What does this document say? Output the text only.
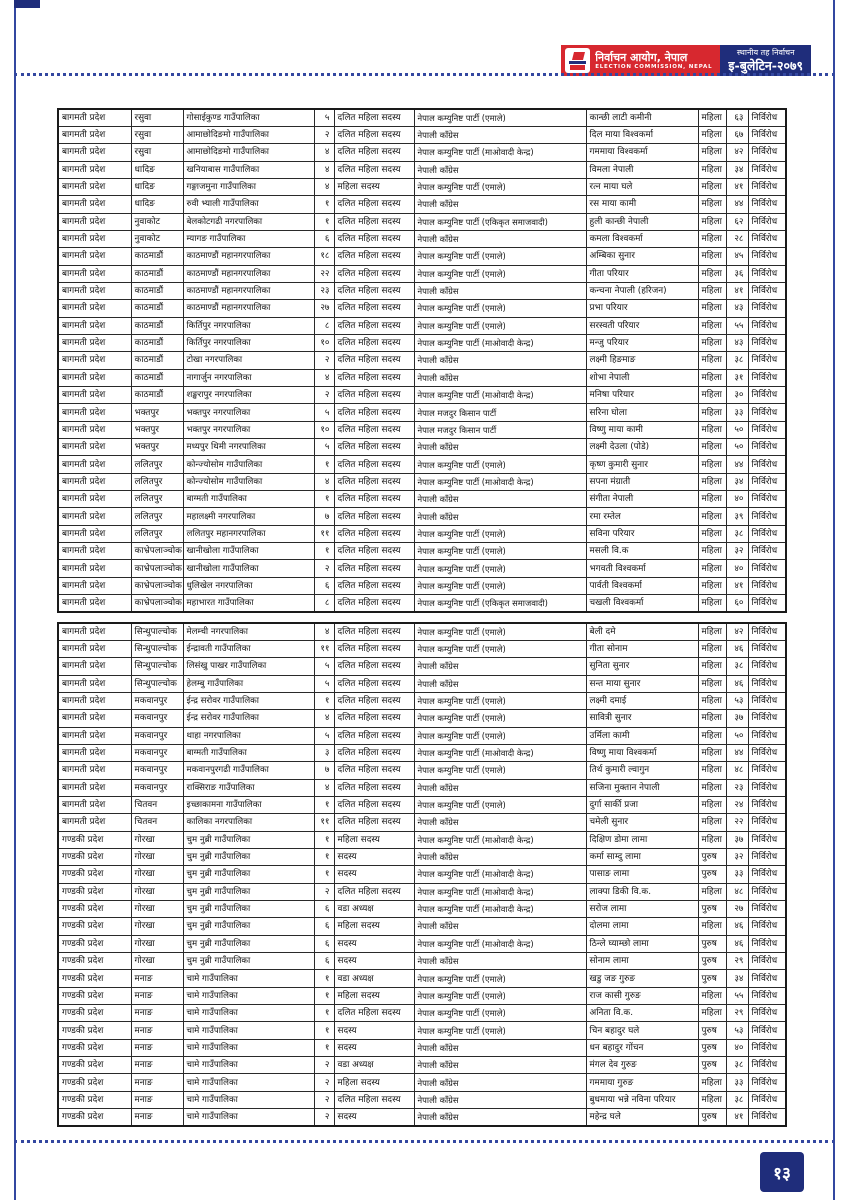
निर्वाचन आयोग, नेपाल
ELECTION COMMISSION, NEPAL
स्थानीय तह निर्वाचन
इ-बुलेटिन-२०७९
बागमती प्रदेश	रसुवा	गोसाईकुण्ड गाउँपालिका	५	दलित महिला सदस्य	नेपाल कम्युनिष्ट पार्टी (एमाले)	कान्छी लाटी कमीनी	महिला	६३	निर्विरोध
बागमती प्रदेश	रसुवा	आमाछोदिङमो गाउँपालिका	२	दलित महिला सदस्य	नेपाली काँग्रेस	दिल माया विश्वकर्मा	महिला	६७	निर्विरोध
बागमती प्रदेश	रसुवा	आमाछोदिङमो गाउँपालिका	४	दलित महिला सदस्य	नेपाल कम्युनिष्ट पार्टी (माओवादी केन्द्र)	गममाया विश्वकर्मा	महिला	४२	निर्विरोध
बागमती प्रदेश	धादिङ	खनियाबास गाउँपालिका	४	दलित महिला सदस्य	नेपाली काँग्रेस	विमला नेपाली	महिला	३४	निर्विरोध
बागमती प्रदेश	धादिङ	गङ्गाजमुना गाउँपालिका	४	महिला सदस्य	नेपाल कम्युनिष्ट पार्टी (एमाले)	रत्न माया घले	महिला	४१	निर्विरोध
बागमती प्रदेश	धादिङ	रुवी भ्याली गाउँपालिका	१	दलित महिला सदस्य	नेपाली काँग्रेस	रस माया कामी	महिला	४४	निर्विरोध
बागमती प्रदेश	नुवाकोट	बेलकोटगढी नगरपालिका	१	दलित महिला सदस्य	नेपाल कम्युनिष्ट पार्टी (एकिकृत समाजवादी)	हुली कान्छी नेपाली	महिला	६२	निर्विरोध
बागमती प्रदेश	नुवाकोट	म्यागङ गाउँपालिका	६	दलित महिला सदस्य	नेपाली काँग्रेस	कमला विश्वकर्मा	महिला	२८	निर्विरोध
बागमती प्रदेश	काठमाडौं	काठमाण्डौं महानगरपालिका	१८	दलित महिला सदस्य	नेपाल कम्युनिष्ट पार्टी (एमाले)	अम्बिका सुनार	महिला	४५	निर्विरोध
बागमती प्रदेश	काठमाडौं	काठमाण्डौं महानगरपालिका	२२	दलित महिला सदस्य	नेपाल कम्युनिष्ट पार्टी (एमाले)	गीता परियार	महिला	३६	निर्विरोध
बागमती प्रदेश	काठमाडौं	काठमाण्डौं महानगरपालिका	२३	दलित महिला सदस्य	नेपाली काँग्रेस	कन्चना नेपाली (हरिजन)	महिला	४१	निर्विरोध
बागमती प्रदेश	काठमाडौं	काठमाण्डौं महानगरपालिका	२७	दलित महिला सदस्य	नेपाल कम्युनिष्ट पार्टी (एमाले)	प्रभा परियार	महिला	४३	निर्विरोध
बागमती प्रदेश	काठमाडौं	किर्तिपुर नगरपालिका	८	दलित महिला सदस्य	नेपाल कम्युनिष्ट पार्टी (एमाले)	सरस्वती परियार	महिला	५५	निर्विरोध
बागमती प्रदेश	काठमाडौं	किर्तिपुर नगरपालिका	१०	दलित महिला सदस्य	नेपाल कम्युनिष्ट पार्टी (माओवादी केन्द्र)	मन्जु परियार	महिला	४३	निर्विरोध
बागमती प्रदेश	काठमाडौं	टोखा नगरपालिका	२	दलित महिला सदस्य	नेपाली काँग्रेस	लक्ष्मी हिङमाङ	महिला	३८	निर्विरोध
बागमती प्रदेश	काठमाडौं	नागार्जुन नगरपालिका	४	दलित महिला सदस्य	नेपाली काँग्रेस	शोभा नेपाली	महिला	३१	निर्विरोध
बागमती प्रदेश	काठमाडौं	शङ्खरापुर नगरपालिका	२	दलित महिला सदस्य	नेपाल कम्युनिष्ट पार्टी (माओवादी केन्द्र)	मनिषा परियार	महिला	३०	निर्विरोध
बागमती प्रदेश	भक्तपुर	भक्तपुर नगरपालिका	५	दलित महिला सदस्य	नेपाल मजदुर किसान पार्टी	सरिना घोला	महिला	३३	निर्विरोध
बागमती प्रदेश	भक्तपुर	भक्तपुर नगरपालिका	१०	दलित महिला सदस्य	नेपाल मजदुर किसान पार्टी	विष्णु माया कामी	महिला	५०	निर्विरोध
बागमती प्रदेश	भक्तपुर	मध्यपुर थिमी नगरपालिका	५	दलित महिला सदस्य	नेपाली काँग्रेस	लक्ष्मी देउला (पोडे)	महिला	५०	निर्विरोध
बागमती प्रदेश	ललितपुर	कोन्ज्योसोम गाउँपालिका	१	दलित महिला सदस्य	नेपाल कम्युनिष्ट पार्टी (एमाले)	कृष्ण कुमारी सुनार	महिला	४४	निर्विरोध
बागमती प्रदेश	ललितपुर	कोन्ज्योसोम गाउँपालिका	४	दलित महिला सदस्य	नेपाल कम्युनिष्ट पार्टी (माओवादी केन्द्र)	सपना मंग्राती	महिला	३४	निर्विरोध
बागमती प्रदेश	ललितपुर	बाग्मती गाउँपालिका	१	दलित महिला सदस्य	नेपाली काँग्रेस	संगीता नेपाली	महिला	४०	निर्विरोध
बागमती प्रदेश	ललितपुर	महालक्ष्मी नगरपालिका	७	दलित महिला सदस्य	नेपाली काँग्रेस	रमा रम्तेल	महिला	३९	निर्विरोध
बागमती प्रदेश	ललितपुर	ललितपुर महानगरपालिका	११	दलित महिला सदस्य	नेपाल कम्युनिष्ट पार्टी (एमाले)	सविना परियार	महिला	३८	निर्विरोध
बागमती प्रदेश	काभ्रेपलाञ्चोक	खानीखोला गाउँपालिका	१	दलित महिला सदस्य	नेपाल कम्युनिष्ट पार्टी (एमाले)	मसली वि.क	महिला	३२	निर्विरोध
बागमती प्रदेश	काभ्रेपलाञ्चोक	खानीखोला गाउँपालिका	२	दलित महिला सदस्य	नेपाल कम्युनिष्ट पार्टी (एमाले)	भगवती विश्वकर्मा	महिला	४०	निर्विरोध
बागमती प्रदेश	काभ्रेपलाञ्चोक	धुलिखेल नगरपालिका	६	दलित महिला सदस्य	नेपाल कम्युनिष्ट पार्टी (एमाले)	पार्वती विश्वकर्मा	महिला	४१	निर्विरोध
बागमती प्रदेश	काभ्रेपलाञ्चोक	महाभारत गाउँपालिका	८	दलित महिला सदस्य	नेपाल कम्युनिष्ट पार्टी (एकिकृत समाजवादी)	चखली विश्वकर्मा	महिला	६०	निर्विरोध
बागमती प्रदेश	सिन्धुपाल्चोक	मेलम्ची नगरपालिका	४	दलित महिला सदस्य	नेपाल कम्युनिष्ट पार्टी (एमाले)	बेली दमे	महिला	४२	निर्विरोध
बागमती प्रदेश	सिन्धुपाल्चोक	ईन्द्रावती गाउँपालिका	११	दलित महिला सदस्य	नेपाल कम्युनिष्ट पार्टी (एमाले)	गीता सोनाम	महिला	४६	निर्विरोध
बागमती प्रदेश	सिन्धुपाल्चोक	लिसंखु पाखर गाउँपालिका	५	दलित महिला सदस्य	नेपाली काँग्रेस	सुनिता सुनार	महिला	३८	निर्विरोध
बागमती प्रदेश	सिन्धुपाल्चोक	हेलम्बु गाउँपालिका	५	दलित महिला सदस्य	नेपाली काँग्रेस	सन्त माया सुनार	महिला	४६	निर्विरोध
बागमती प्रदेश	मकवानपुर	ईन्द्र सरोवर गाउँपालिका	१	दलित महिला सदस्य	नेपाल कम्युनिष्ट पार्टी (एमाले)	लक्ष्मी दमाई	महिला	५३	निर्विरोध
बागमती प्रदेश	मकवानपुर	ईन्द्र सरोवर गाउँपालिका	४	दलित महिला सदस्य	नेपाल कम्युनिष्ट पार्टी (एमाले)	सावित्री सुनार	महिला	३७	निर्विरोध
बागमती प्रदेश	मकवानपुर	थाहा नगरपालिका	५	दलित महिला सदस्य	नेपाल कम्युनिष्ट पार्टी (एमाले)	उर्मिला कामी	महिला	५०	निर्विरोध
बागमती प्रदेश	मकवानपुर	बाग्मती गाउँपालिका	३	दलित महिला सदस्य	नेपाल कम्युनिष्ट पार्टी (माओवादी केन्द्र)	विष्णु माया विश्वकर्मा	महिला	४४	निर्विरोध
बागमती प्रदेश	मकवानपुर	मकवानपुरगढी गाउँपालिका	७	दलित महिला सदस्य	नेपाल कम्युनिष्ट पार्टी (एमाले)	तिर्थ कुमारी ल्वागुन	महिला	४८	निर्विरोध
बागमती प्रदेश	मकवानपुर	राक्सिराङ गाउँपालिका	४	दलित महिला सदस्य	नेपाली काँग्रेस	सजिना मुक्तान नेपाली	महिला	२३	निर्विरोध
बागमती प्रदेश	चितवन	इच्छाकामना गाउँपालिका	१	दलित महिला सदस्य	नेपाल कम्युनिष्ट पार्टी (एमाले)	दुर्गा सार्की प्रजा	महिला	२४	निर्विरोध
बागमती प्रदेश	चितवन	कालिका नगरपालिका	११	दलित महिला सदस्य	नेपाली काँग्रेस	चमेली सुनार	महिला	२२	निर्विरोध
गण्डकी प्रदेश	गोरखा	चुम नुब्री गाउँपालिका	१	महिला सदस्य	नेपाल कम्युनिष्ट पार्टी (माओवादी केन्द्र)	दिक्षिण डोमा लामा	महिला	३७	निर्विरोध
गण्डकी प्रदेश	गोरखा	चुम नुब्री गाउँपालिका	१	सदस्य	नेपाली काँग्रेस	कर्मा साम्दु लामा	पुरुष	३२	निर्विरोध
गण्डकी प्रदेश	गोरखा	चुम नुब्री गाउँपालिका	१	सदस्य	नेपाल कम्युनिष्ट पार्टी (माओवादी केन्द्र)	पासाङ लामा	पुरुष	३३	निर्विरोध
गण्डकी प्रदेश	गोरखा	चुम नुब्री गाउँपालिका	२	दलित महिला सदस्य	नेपाल कम्युनिष्ट पार्टी (माओवादी केन्द्र)	लाक्पा डिकी वि.क.	महिला	४८	निर्विरोध
गण्डकी प्रदेश	गोरखा	चुम नुब्री गाउँपालिका	६	वडा अध्यक्ष	नेपाल कम्युनिष्ट पार्टी (माओवादी केन्द्र)	सरोज लामा	पुरुष	२७	निर्विरोध
गण्डकी प्रदेश	गोरखा	चुम नुब्री गाउँपालिका	६	महिला सदस्य	नेपाली काँग्रेस	दोलमा लामा	महिला	४६	निर्विरोध
गण्डकी प्रदेश	गोरखा	चुम नुब्री गाउँपालिका	६	सदस्य	नेपाल कम्युनिष्ट पार्टी (माओवादी केन्द्र)	ठिन्ले घ्याम्छो लामा	पुरुष	४६	निर्विरोध
गण्डकी प्रदेश	गोरखा	चुम नुब्री गाउँपालिका	६	सदस्य	नेपाली काँग्रेस	सोनाम लामा	पुरुष	२९	निर्विरोध
गण्डकी प्रदेश	मनाङ	चामे गाउँपालिका	१	वडा अध्यक्ष	नेपाल कम्युनिष्ट पार्टी (एमाले)	खडु जङ गुरुङ	पुरुष	३४	निर्विरोध
गण्डकी प्रदेश	मनाङ	चामे गाउँपालिका	१	महिला सदस्य	नेपाल कम्युनिष्ट पार्टी (एमाले)	राज कासी गुरुङ	महिला	५५	निर्विरोध
गण्डकी प्रदेश	मनाङ	चामे गाउँपालिका	१	दलित महिला सदस्य	नेपाल कम्युनिष्ट पार्टी (एमाले)	अनिता वि.क.	महिला	२९	निर्विरोध
गण्डकी प्रदेश	मनाङ	चामे गाउँपालिका	१	सदस्य	नेपाल कम्युनिष्ट पार्टी (एमाले)	चिन बहादुर घले	पुरुष	५३	निर्विरोध
गण्डकी प्रदेश	मनाङ	चामे गाउँपालिका	१	सदस्य	नेपाली काँग्रेस	धन बहादुर गोंचन	पुरुष	४०	निर्विरोध
गण्डकी प्रदेश	मनाङ	चामे गाउँपालिका	२	वडा अध्यक्ष	नेपाली काँग्रेस	मंगल देव गुरुङ	पुरुष	३८	निर्विरोध
गण्डकी प्रदेश	मनाङ	चामे गाउँपालिका	२	महिला सदस्य	नेपाली काँग्रेस	गममाया गुरुङ	महिला	३३	निर्विरोध
गण्डकी प्रदेश	मनाङ	चामे गाउँपालिका	२	दलित महिला सदस्य	नेपाली काँग्रेस	बुधमाया भन्ने नविना परियार	महिला	३८	निर्विरोध
गण्डकी प्रदेश	मनाङ	चामे गाउँपालिका	२	सदस्य	नेपाली काँग्रेस	महेन्द्र घले	पुरुष	४१	निर्विरोध
१३
